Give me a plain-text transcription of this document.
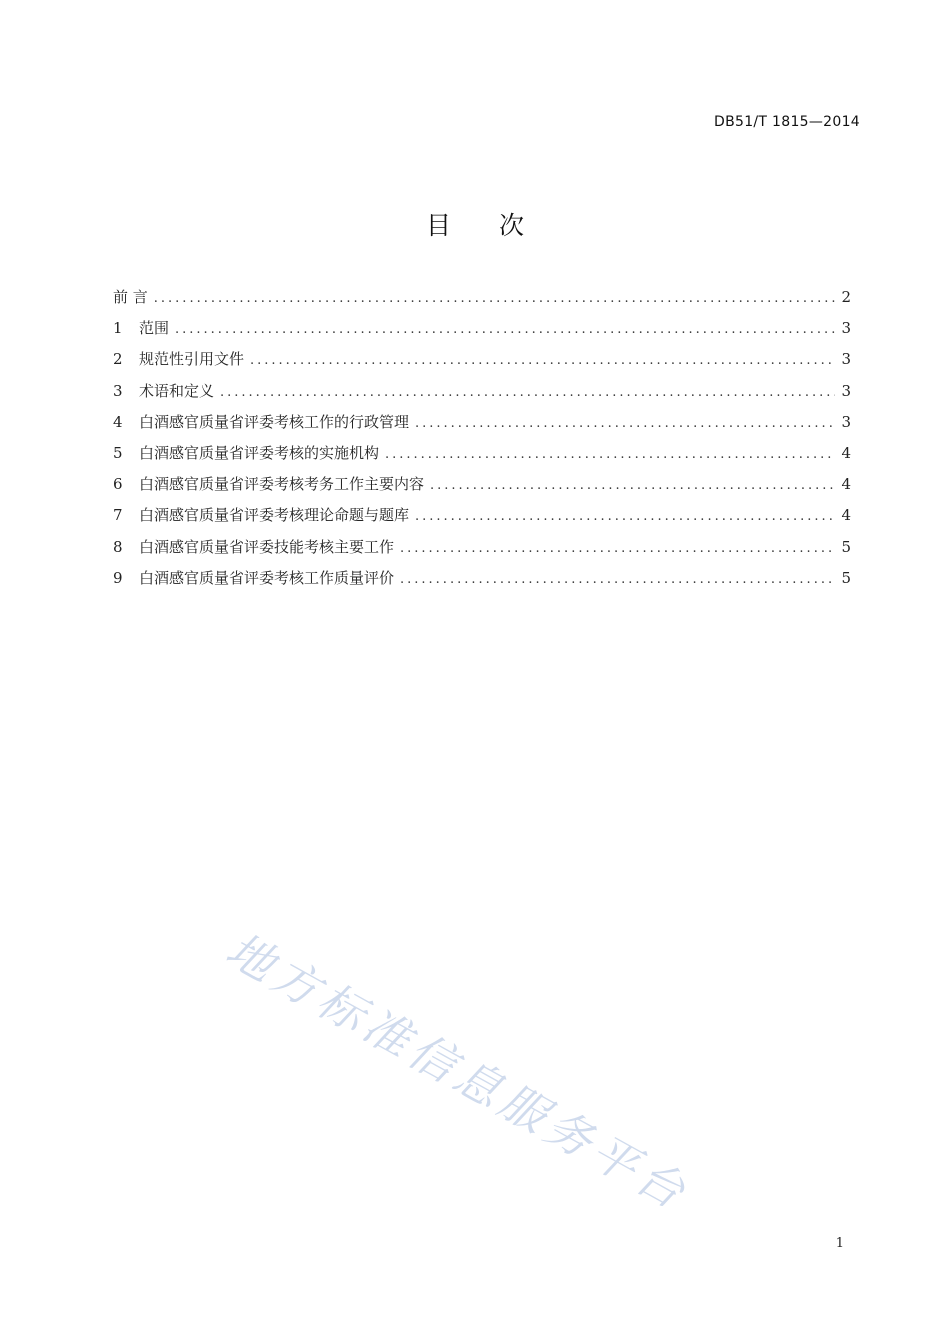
DB51/T 1815—2014
目 次
前 言 .....	2
1	范围 .....	3
2	规范性引用文件 .....	3
3	术语和定义 .....	3
4	白酒感官质量省评委考核工作的行政管理 .....	3
5	白酒感官质量省评委考核的实施机构 .....	4
6	白酒感官质量省评委考核考务工作主要内容 .....	4
7	白酒感官质量省评委考核理论命题与题库 .....	4
8	白酒感官质量省评委技能考核主要工作 .....	5
9	白酒感官质量省评委考核工作质量评价 .....	5
地方标准信息服务平台
1
